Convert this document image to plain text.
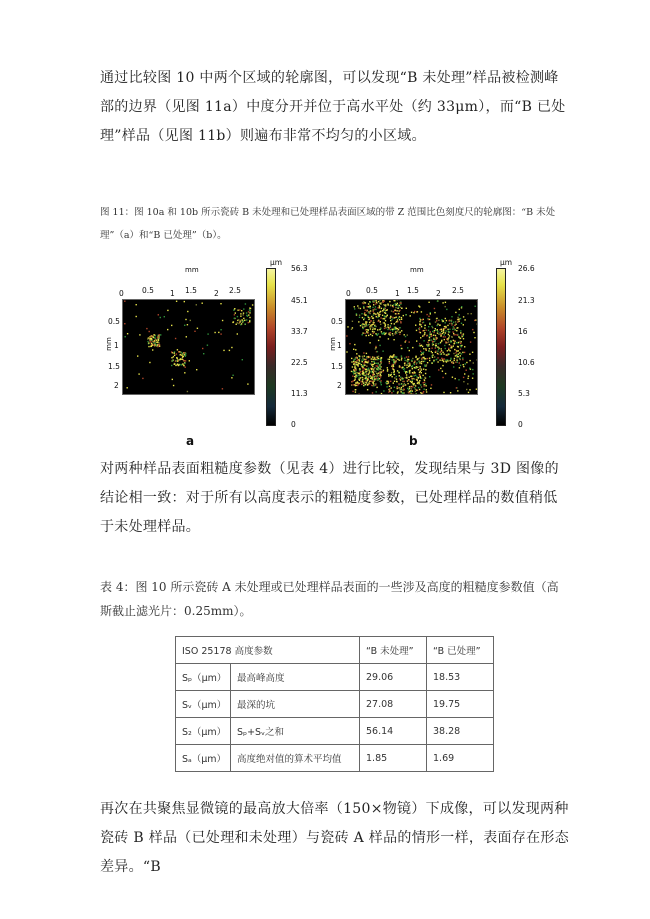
通过比较图 10 中两个区域的轮廓图，可以发现“B 未处理”样品被检测峰部的边界（见图 11a）中度分开并位于高水平处（约 33μm），而“B 已处理”样品（见图 11b）则遍布非常不均匀的小区域。

图 11：图 10a 和 10b 所示瓷砖 B 未处理和已处理样品表面区域的带 Z 范围比色刻度尺的轮廓图：“B 未处理”（a）和“B 已处理”（b）。

mm
0 0.5 1 1.5 2 2.5
mm
0.5
1
1.5
2
μm
56.3
45.1
33.7
22.5
11.3
0
a
mm
0 0.5 1 1.5 2 2.5
mm
0.5
1
1.5
2
μm
26.6
21.3
16
10.6
5.3
0
b

对两种样品表面粗糙度参数（见表 4）进行比较，发现结果与 3D 图像的结论相一致：对于所有以高度表示的粗糙度参数，已处理样品的数值稍低于未处理样品。

表 4：图 10 所示瓷砖 A 未处理或已处理样品表面的一些涉及高度的粗糙度参数值（高斯截止滤光片：0.25mm）。

ISO 25178 高度参数		“B 未处理”	“B 已处理”
Sₚ（μm）	最高峰高度	29.06	18.53
Sᵥ（μm）	最深的坑	27.08	19.75
S₂（μm）	Sₚ+Sᵥ之和	56.14	38.28
Sₐ（μm）	高度绝对值的算术平均值	1.85	1.69

再次在共聚焦显微镜的最高放大倍率（150×物镜）下成像，可以发现两种瓷砖 B 样品（已处理和未处理）与瓷砖 A 样品的情形一样，表面存在形态差异。“B
